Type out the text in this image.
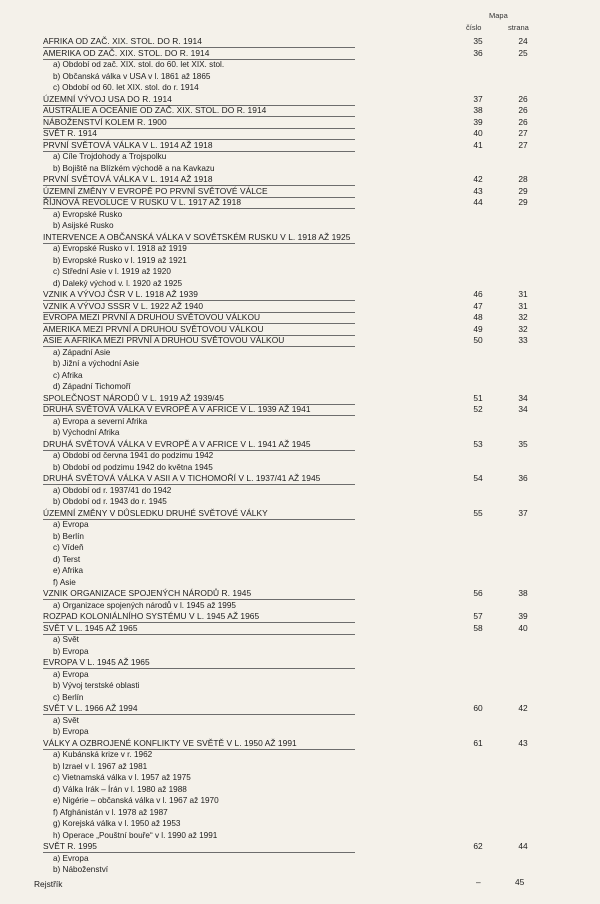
Mapa
číslo	strana
AFRIKA OD ZAČ. XIX. STOL. DO R. 1914	35	24
AMERIKA OD ZAČ. XIX. STOL. DO R. 1914	36	25
a) Období od zač. XIX. stol. do 60. let XIX. stol.
b) Občanská válka v USA v l. 1861 až 1865
c) Období od 60. let XIX. stol. do r. 1914
ÚZEMNÍ VÝVOJ USA DO R. 1914	37	26
AUSTRÁLIE A OCEÁNIE OD ZAČ. XIX. STOL. DO R. 1914	38	26
NÁBOŽENSTVÍ KOLEM R. 1900	39	26
SVĚT R. 1914	40	27
PRVNÍ SVĚTOVÁ VÁLKA V L. 1914 AŽ 1918	41	27
a) Cíle Trojdohody a Trojspolku
b) Bojiště na Blízkém východě a na Kavkazu
PRVNÍ SVĚTOVÁ VÁLKA V L. 1914 AŽ 1918	42	28
ÚZEMNÍ ZMĚNY V EVROPĚ PO PRVNÍ SVĚTOVÉ VÁLCE	43	29
ŘÍJNOVÁ REVOLUCE V RUSKU V L. 1917 AŽ 1918	44	29
a) Evropské Rusko
b) Asijské Rusko
INTERVENCE A OBČANSKÁ VÁLKA V SOVĚTSKÉM RUSKU V L. 1918 AŽ 1925
a) Evropské Rusko v l. 1918 až 1919
b) Evropské Rusko v l. 1919 až 1921
c) Střední Asie v l. 1919 až 1920
d) Daleký východ v. l. 1920 až 1925
VZNIK A VÝVOJ ČSR V L. 1918 AŽ 1939	46	31
VZNIK A VÝVOJ SSSR V L. 1922 AŽ 1940	47	31
EVROPA MEZI PRVNÍ A DRUHOU SVĚTOVOU VÁLKOU	48	32
AMERIKA MEZI PRVNÍ A DRUHOU SVĚTOVOU VÁLKOU	49	32
ASIE A AFRIKA MEZI PRVNÍ A DRUHOU SVĚTOVOU VÁLKOU	50	33
a) Západní Asie
b) Jižní a východní Asie
c) Afrika
d) Západní Tichomoří
SPOLEČNOST NÁRODŮ V L. 1919 AŽ 1939/45	51	34
DRUHÁ SVĚTOVÁ VÁLKA V EVROPĚ A V AFRICE V L. 1939 AŽ 1941	52	34
a) Evropa a severní Afrika
b) Východní Afrika
DRUHÁ SVĚTOVÁ VÁLKA V EVROPĚ A V AFRICE V L. 1941 AŽ 1945	53	35
a) Období od června 1941 do podzimu 1942
b) Období od podzimu 1942 do května 1945
DRUHÁ SVĚTOVÁ VÁLKA V ASII A V TICHOMOŘÍ V L. 1937/41 AŽ 1945	54	36
a) Období od r. 1937/41 do 1942
b) Období od r. 1943 do r. 1945
ÚZEMNÍ ZMĚNY V DŮSLEDKU DRUHÉ SVĚTOVÉ VÁLKY	55	37
a) Evropa
b) Berlín
c) Vídeň
d) Terst
e) Afrika
f) Asie
VZNIK ORGANIZACE SPOJENÝCH NÁRODŮ R. 1945	56	38
a) Organizace spojených národů v l. 1945 až 1995
ROZPAD KOLONIÁLNÍHO SYSTÉMU V L. 1945 AŽ 1965	57	39
SVĚT V L. 1945 AŽ 1965	58	40
a) Svět
b) Evropa
EVROPA V L. 1945 AŽ 1965
a) Evropa
b) Vývoj terstské oblasti
c) Berlín
SVĚT V L. 1966 AŽ 1994	60	42
a) Svět
b) Evropa
VÁLKY A OZBROJENÉ KONFLIKTY VE SVĚTĚ V L. 1950 AŽ 1991	61	43
a) Kubánská krize v r. 1962
b) Izrael v l. 1967 až 1981
c) Vietnamská válka v l. 1957 až 1975
d) Válka Irák – Írán v l. 1980 až 1988
e) Nigérie – občanská válka v l. 1967 až 1970
f) Afghánistán v l. 1978 až 1987
g) Korejská válka v l. 1950 až 1953
h) Operace „Pouštní bouře“ v l. 1990 až 1991
SVĚT R. 1995	62	44
a) Evropa
b) Náboženství
Rejstřík	–	45
